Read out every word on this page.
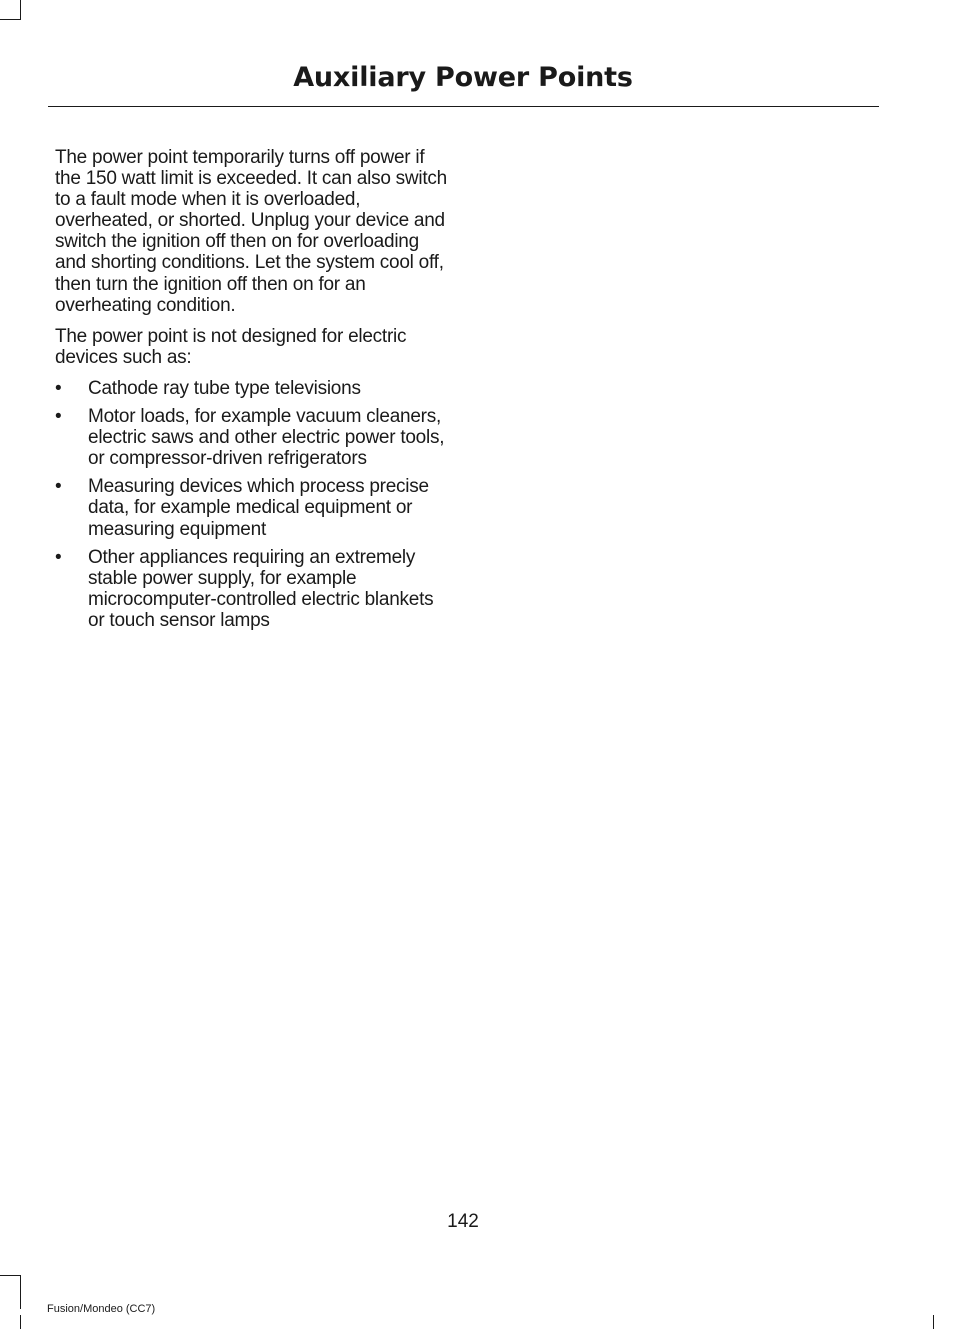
Auxiliary Power Points

The power point temporarily turns off power if the 150 watt limit is exceeded. It can also switch to a fault mode when it is overloaded, overheated, or shorted. Unplug your device and switch the ignition off then on for overloading and shorting conditions. Let the system cool off, then turn the ignition off then on for an overheating condition.

The power point is not designed for electric devices such as:

• Cathode ray tube type televisions
• Motor loads, for example vacuum cleaners, electric saws and other electric power tools, or compressor-driven refrigerators
• Measuring devices which process precise data, for example medical equipment or measuring equipment
• Other appliances requiring an extremely stable power supply, for example microcomputer-controlled electric blankets or touch sensor lamps
142
Fusion/Mondeo (CC7)
